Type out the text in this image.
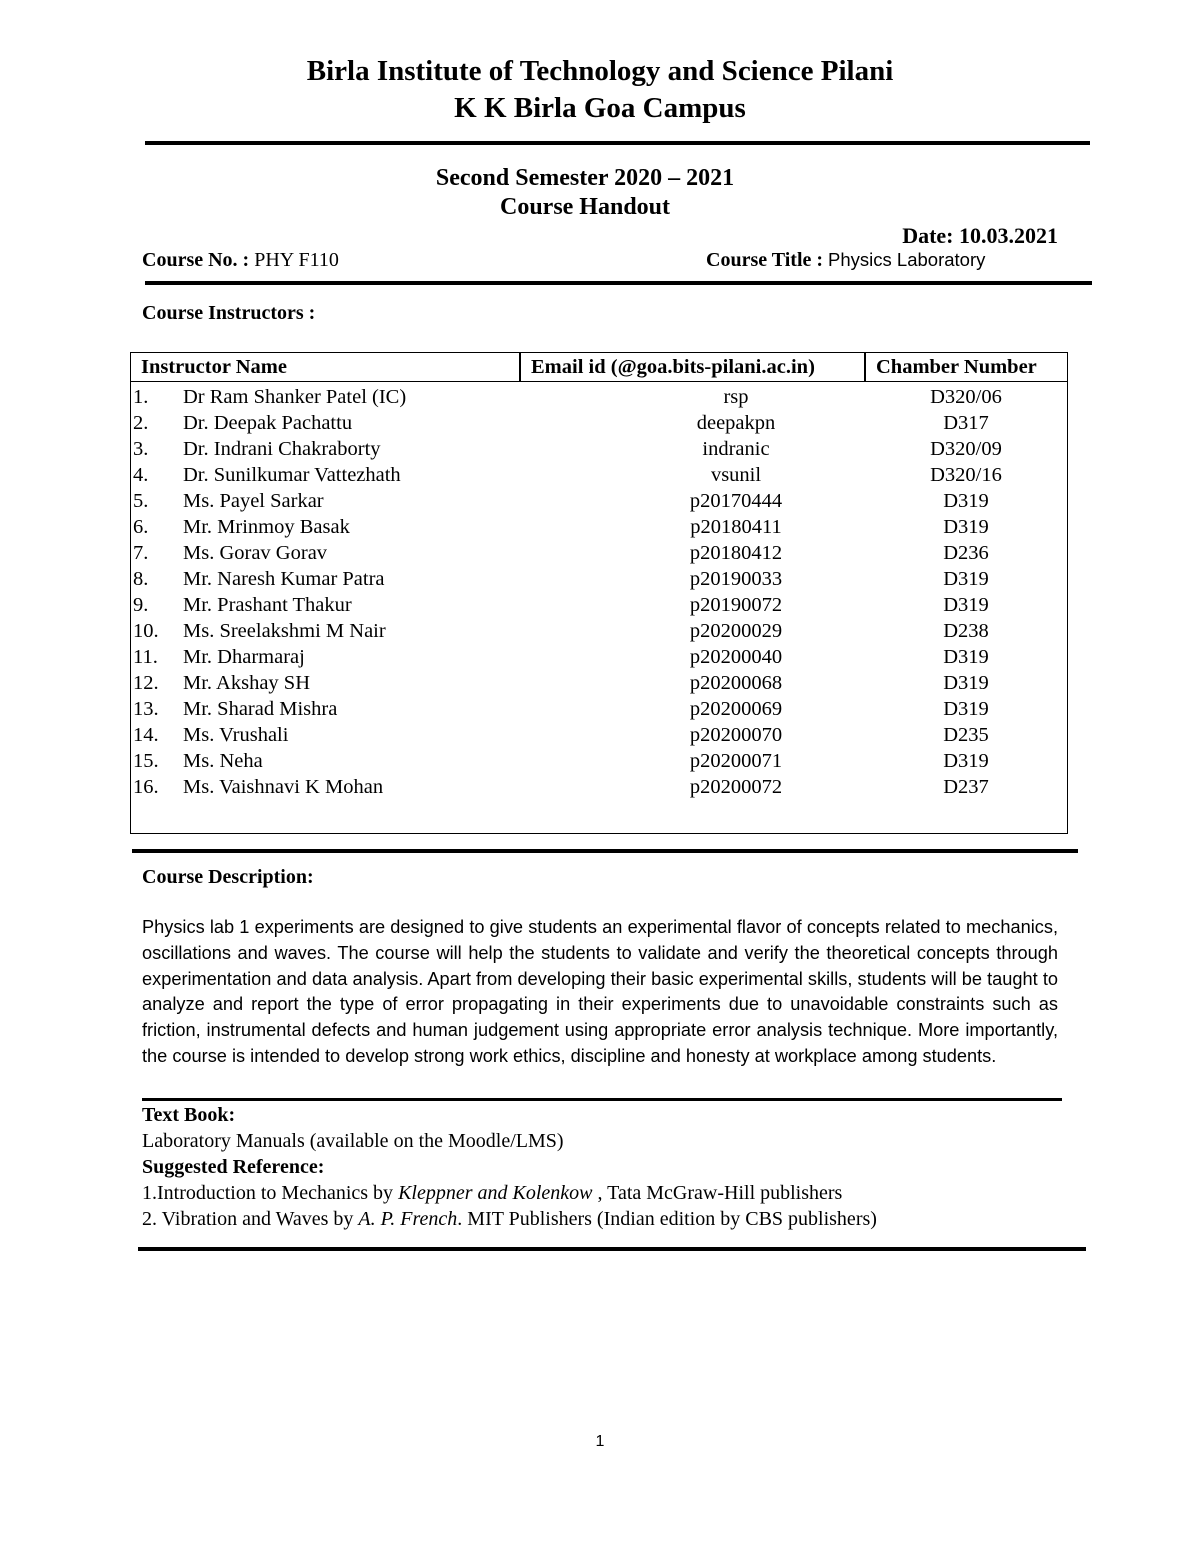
Birla Institute of Technology and Science Pilani
K K Birla Goa Campus
Second Semester 2020 – 2021
Course Handout
Date: 10.03.2021
Course No. : PHY F110	Course Title : Physics Laboratory
Course Instructors :
Instructor Name	Email id (@goa.bits-pilani.ac.in)	Chamber Number
1. Dr Ram Shanker Patel (IC)	rsp	D320/06
2. Dr. Deepak Pachattu	deepakpn	D317
3. Dr. Indrani Chakraborty	indranic	D320/09
4. Dr. Sunilkumar Vattezhath	vsunil	D320/16
5. Ms. Payel Sarkar	p20170444	D319
6. Mr. Mrinmoy Basak	p20180411	D319
7. Ms. Gorav Gorav	p20180412	D236
8. Mr. Naresh Kumar Patra	p20190033	D319
9. Mr. Prashant Thakur	p20190072	D319
10. Ms. Sreelakshmi M Nair	p20200029	D238
11. Mr. Dharmaraj	p20200040	D319
12. Mr. Akshay SH	p20200068	D319
13. Mr. Sharad Mishra	p20200069	D319
14. Ms. Vrushali	p20200070	D235
15. Ms. Neha	p20200071	D319
16. Ms. Vaishnavi K Mohan	p20200072	D237
Course Description:
Physics lab 1 experiments are designed to give students an experimental flavor of concepts related to mechanics, oscillations and waves. The course will help the students to validate and verify the theoretical concepts through experimentation and data analysis. Apart from developing their basic experimental skills, students will be taught to analyze and report the type of error propagating in their experiments due to unavoidable constraints such as friction, instrumental defects and human judgement using appropriate error analysis technique. More importantly, the course is intended to develop strong work ethics, discipline and honesty at workplace among students.
Text Book:
Laboratory Manuals (available on the Moodle/LMS)
Suggested Reference:
1.Introduction to Mechanics by Kleppner and Kolenkow , Tata McGraw-Hill publishers
2. Vibration and Waves by A. P. French. MIT Publishers (Indian edition by CBS publishers)
1
